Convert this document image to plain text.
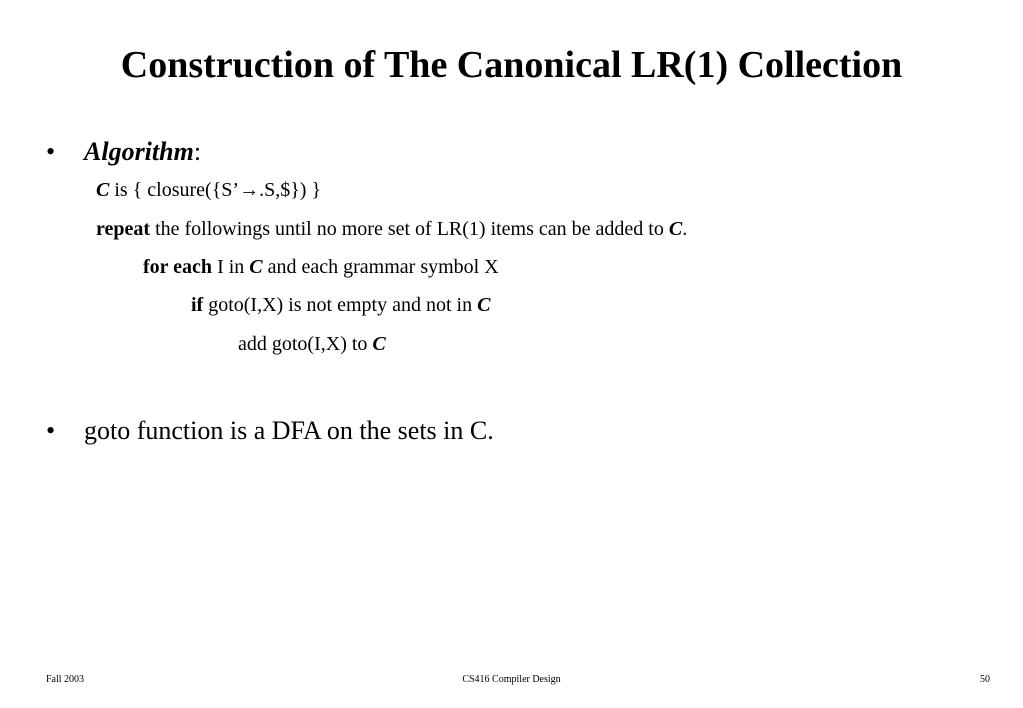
Construction of The Canonical LR(1) Collection
• Algorithm:
C is { closure({S’→.S,$}) }
repeat the followings until no more set of LR(1) items can be added to C.
for each I in C and each grammar symbol X
if goto(I,X) is not empty and not in C
add goto(I,X) to C
• goto function is a DFA on the sets in C.
Fall 2003	CS416 Compiler Design	50
